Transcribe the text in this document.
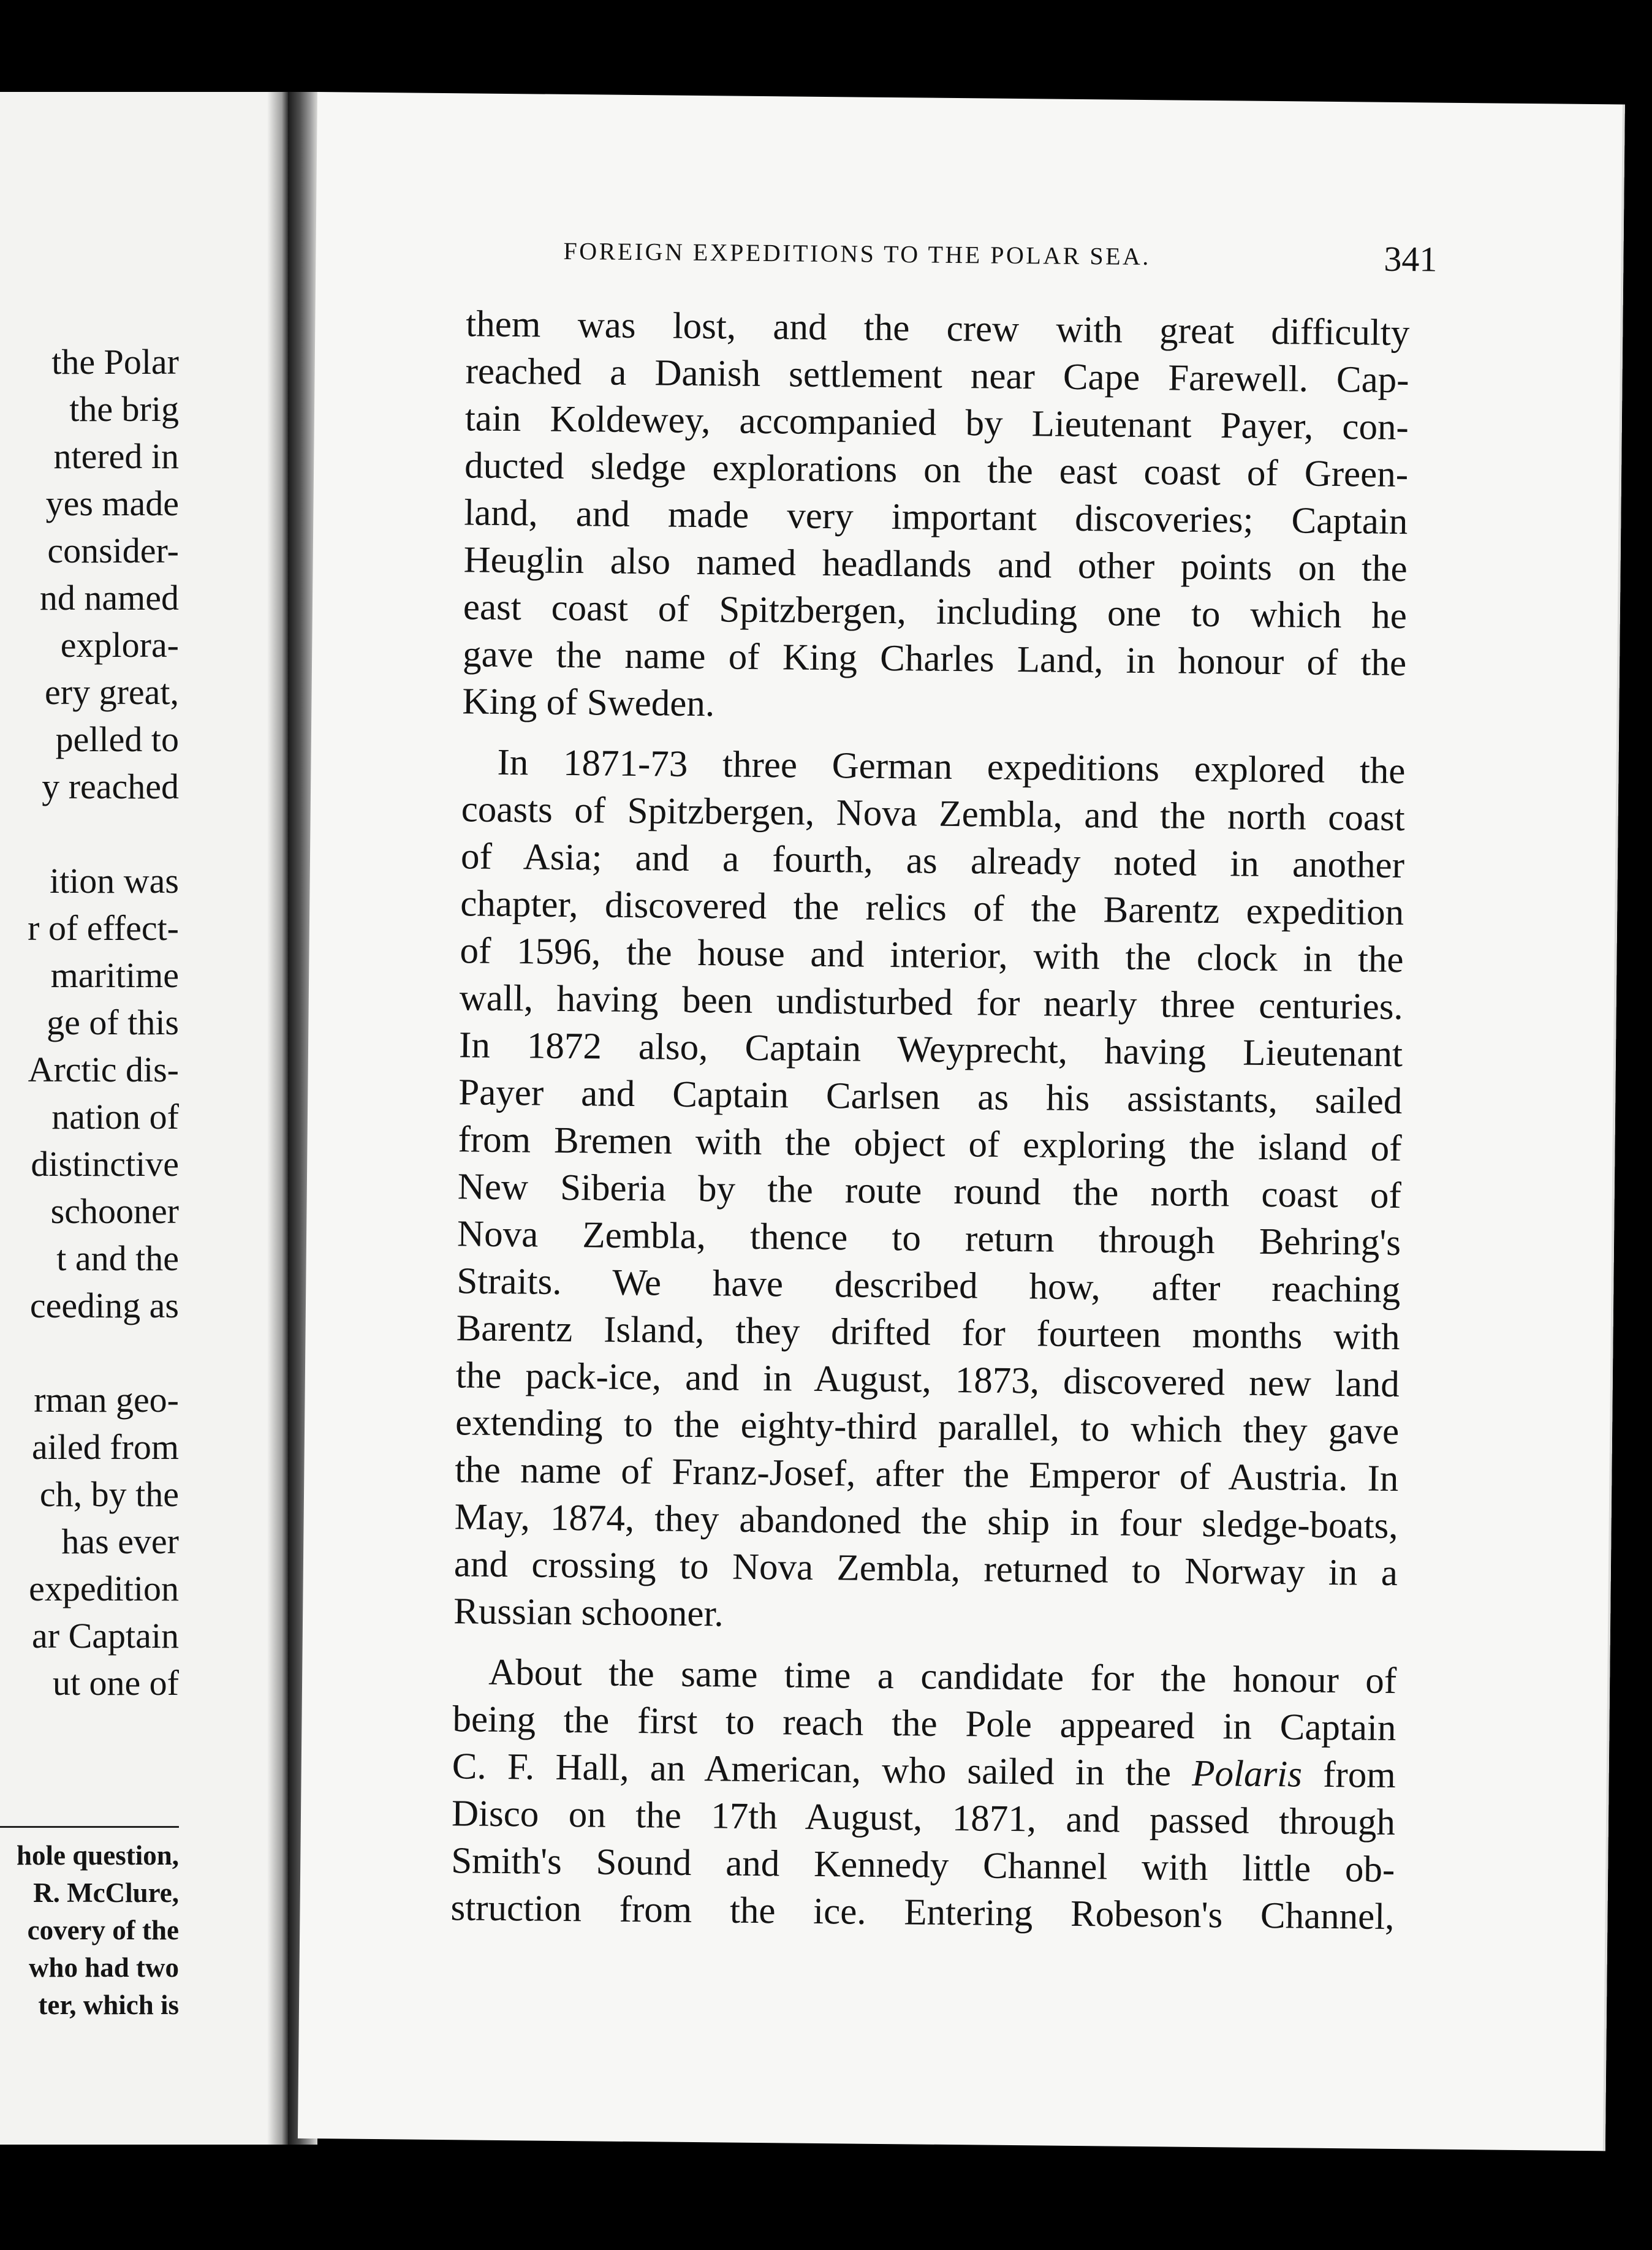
the Polar
the brig
ntered in
yes made
consider-
nd named
explora-
ery great,
pelled to
y reached
ition was
r of effect-
maritime
ge of this
Arctic dis-
nation of
distinctive
schooner
t and the
ceeding as
rman geo-
ailed from
ch, by the
has ever
expedition
ar Captain
ut one of
hole question,
R. McClure,
covery of the
who had two
ter, which is
FOREIGN EXPEDITIONS TO THE POLAR SEA.	341
them was lost, and the crew with great difficulty
reached a Danish settlement near Cape Farewell. Cap-
tain Koldewey, accompanied by Lieutenant Payer, con-
ducted sledge explorations on the east coast of Green-
land, and made very important discoveries; Captain
Heuglin also named headlands and other points on the
east coast of Spitzbergen, including one to which he
gave the name of King Charles Land, in honour of the
King of Sweden.
In 1871-73 three German expeditions explored the
coasts of Spitzbergen, Nova Zembla, and the north coast
of Asia; and a fourth, as already noted in another
chapter, discovered the relics of the Barentz expedition
of 1596, the house and interior, with the clock in the
wall, having been undisturbed for nearly three centuries.
In 1872 also, Captain Weyprecht, having Lieutenant
Payer and Captain Carlsen as his assistants, sailed
from Bremen with the object of exploring the island of
New Siberia by the route round the north coast of
Nova Zembla, thence to return through Behring's
Straits. We have described how, after reaching
Barentz Island, they drifted for fourteen months with
the pack-ice, and in August, 1873, discovered new land
extending to the eighty-third parallel, to which they gave
the name of Franz-Josef, after the Emperor of Austria. In
May, 1874, they abandoned the ship in four sledge-boats,
and crossing to Nova Zembla, returned to Norway in a
Russian schooner.
About the same time a candidate for the honour of
being the first to reach the Pole appeared in Captain
C. F. Hall, an American, who sailed in the Polaris from
Disco on the 17th August, 1871, and passed through
Smith's Sound and Kennedy Channel with little ob-
struction from the ice. Entering Robeson's Channel,
